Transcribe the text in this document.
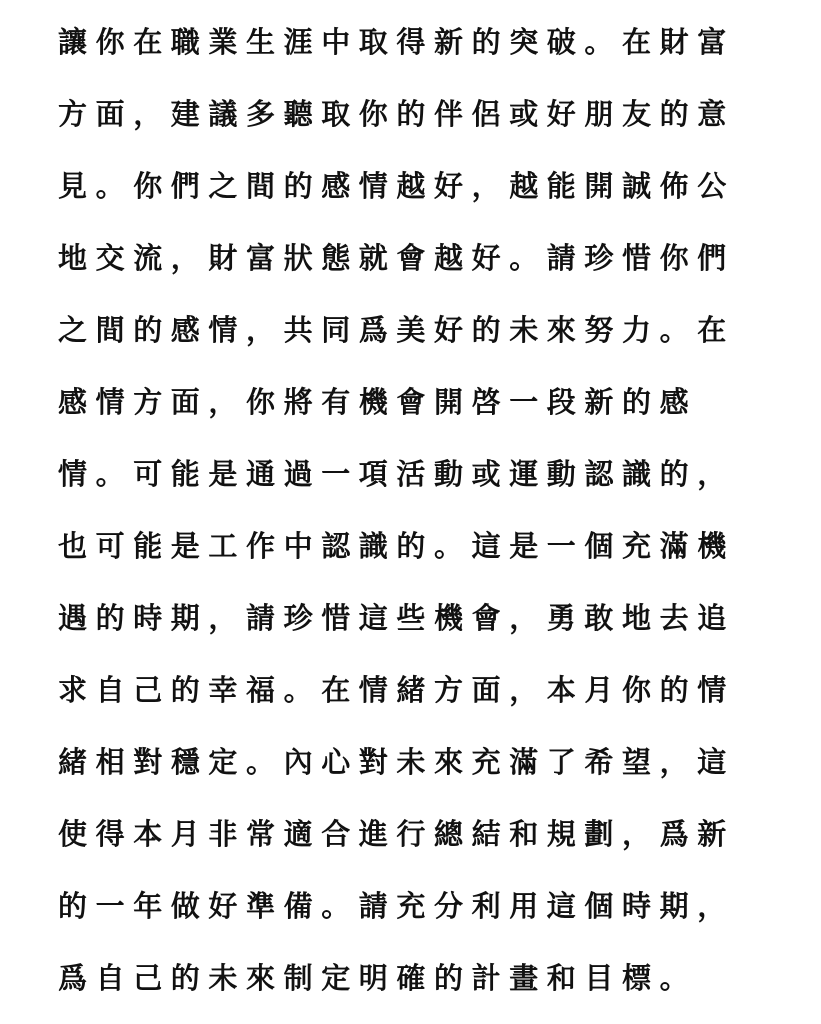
讓你在職業生涯中取得新的突破。在財富
方面，建議多聽取你的伴侶或好朋友的意
見。你們之間的感情越好，越能開誠佈公
地交流，財富狀態就會越好。請珍惜你們
之間的感情，共同爲美好的未來努力。在
感情方面，你將有機會開啓一段新的感
情。可能是通過一項活動或運動認識的，
也可能是工作中認識的。這是一個充滿機
遇的時期，請珍惜這些機會，勇敢地去追
求自己的幸福。在情緒方面，本月你的情
緒相對穩定。內心對未來充滿了希望，這
使得本月非常適合進行總結和規劃，爲新
的一年做好準備。請充分利用這個時期，
爲自己的未來制定明確的計畫和目標。
